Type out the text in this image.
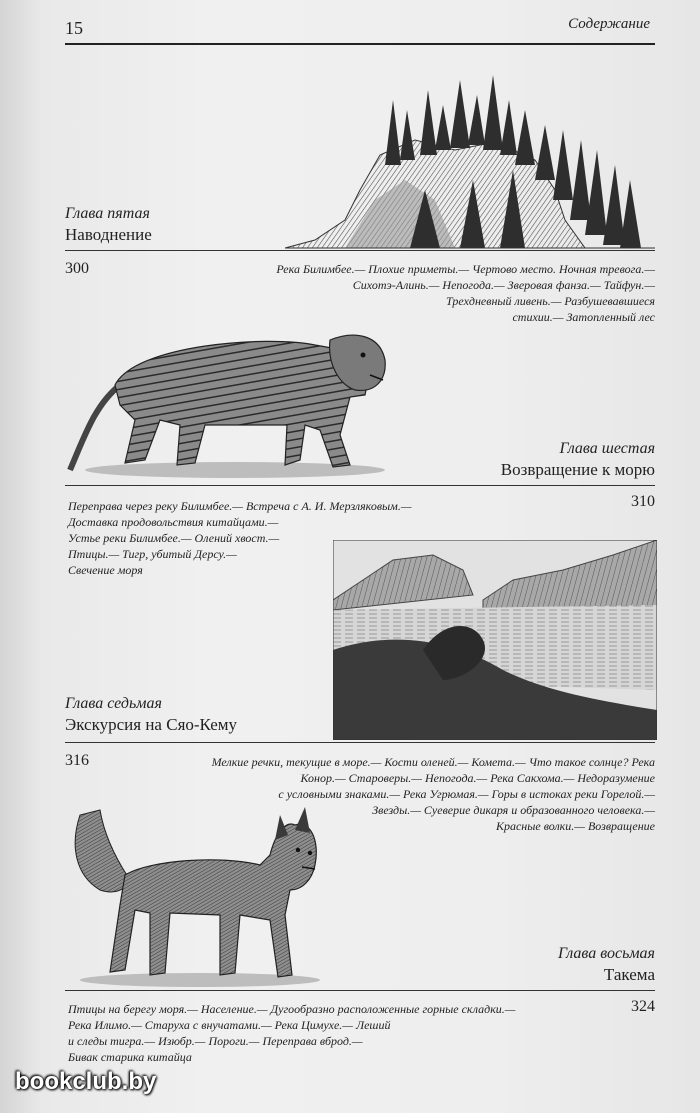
15	Содержание
Глава пятая
Наводнение
300	Река Билимбее.— Плохие приметы.— Чертово место. Ночная тревога.—
Сихотэ-Алинь.— Непогода.— Зверовая фанза.— Тайфун.—
Трехдневный ливень.— Разбушевавшиеся
стихии.— Затопленный лес
Глава шестая
Возвращение к морю
310
Переправа через реку Билимбее.— Встреча с А. И. Мерзляковым.—
Доставка продовольствия китайцами.—
Устье реки Билимбее.— Олений хвост.—
Птицы.— Тигр, убитый Дерсу.—
Свечение моря
Глава седьмая
Экскурсия на Сяо-Кему
316	Мелкие речки, текущие в море.— Кости оленей.— Комета.— Что такое солнце? Река
Конор.— Староверы.— Непогода.— Река Сакхома.— Недоразумение
с условными знаками.— Река Угрюмая.— Горы в истоках реки Горелой.—
Звезды.— Суеверие дикаря и образованного человека.—
Красные волки.— Возвращение
Глава восьмая
Такема
324
Птицы на берегу моря.— Население.— Дугообразно расположенные горные складки.—
Река Илимо.— Старуха с внучатами.— Река Цимухе.— Леший
и следы тигра.— Изюбр.— Пороги.— Переправа вброд.—
Бивак старика китайца
bookclub.by
